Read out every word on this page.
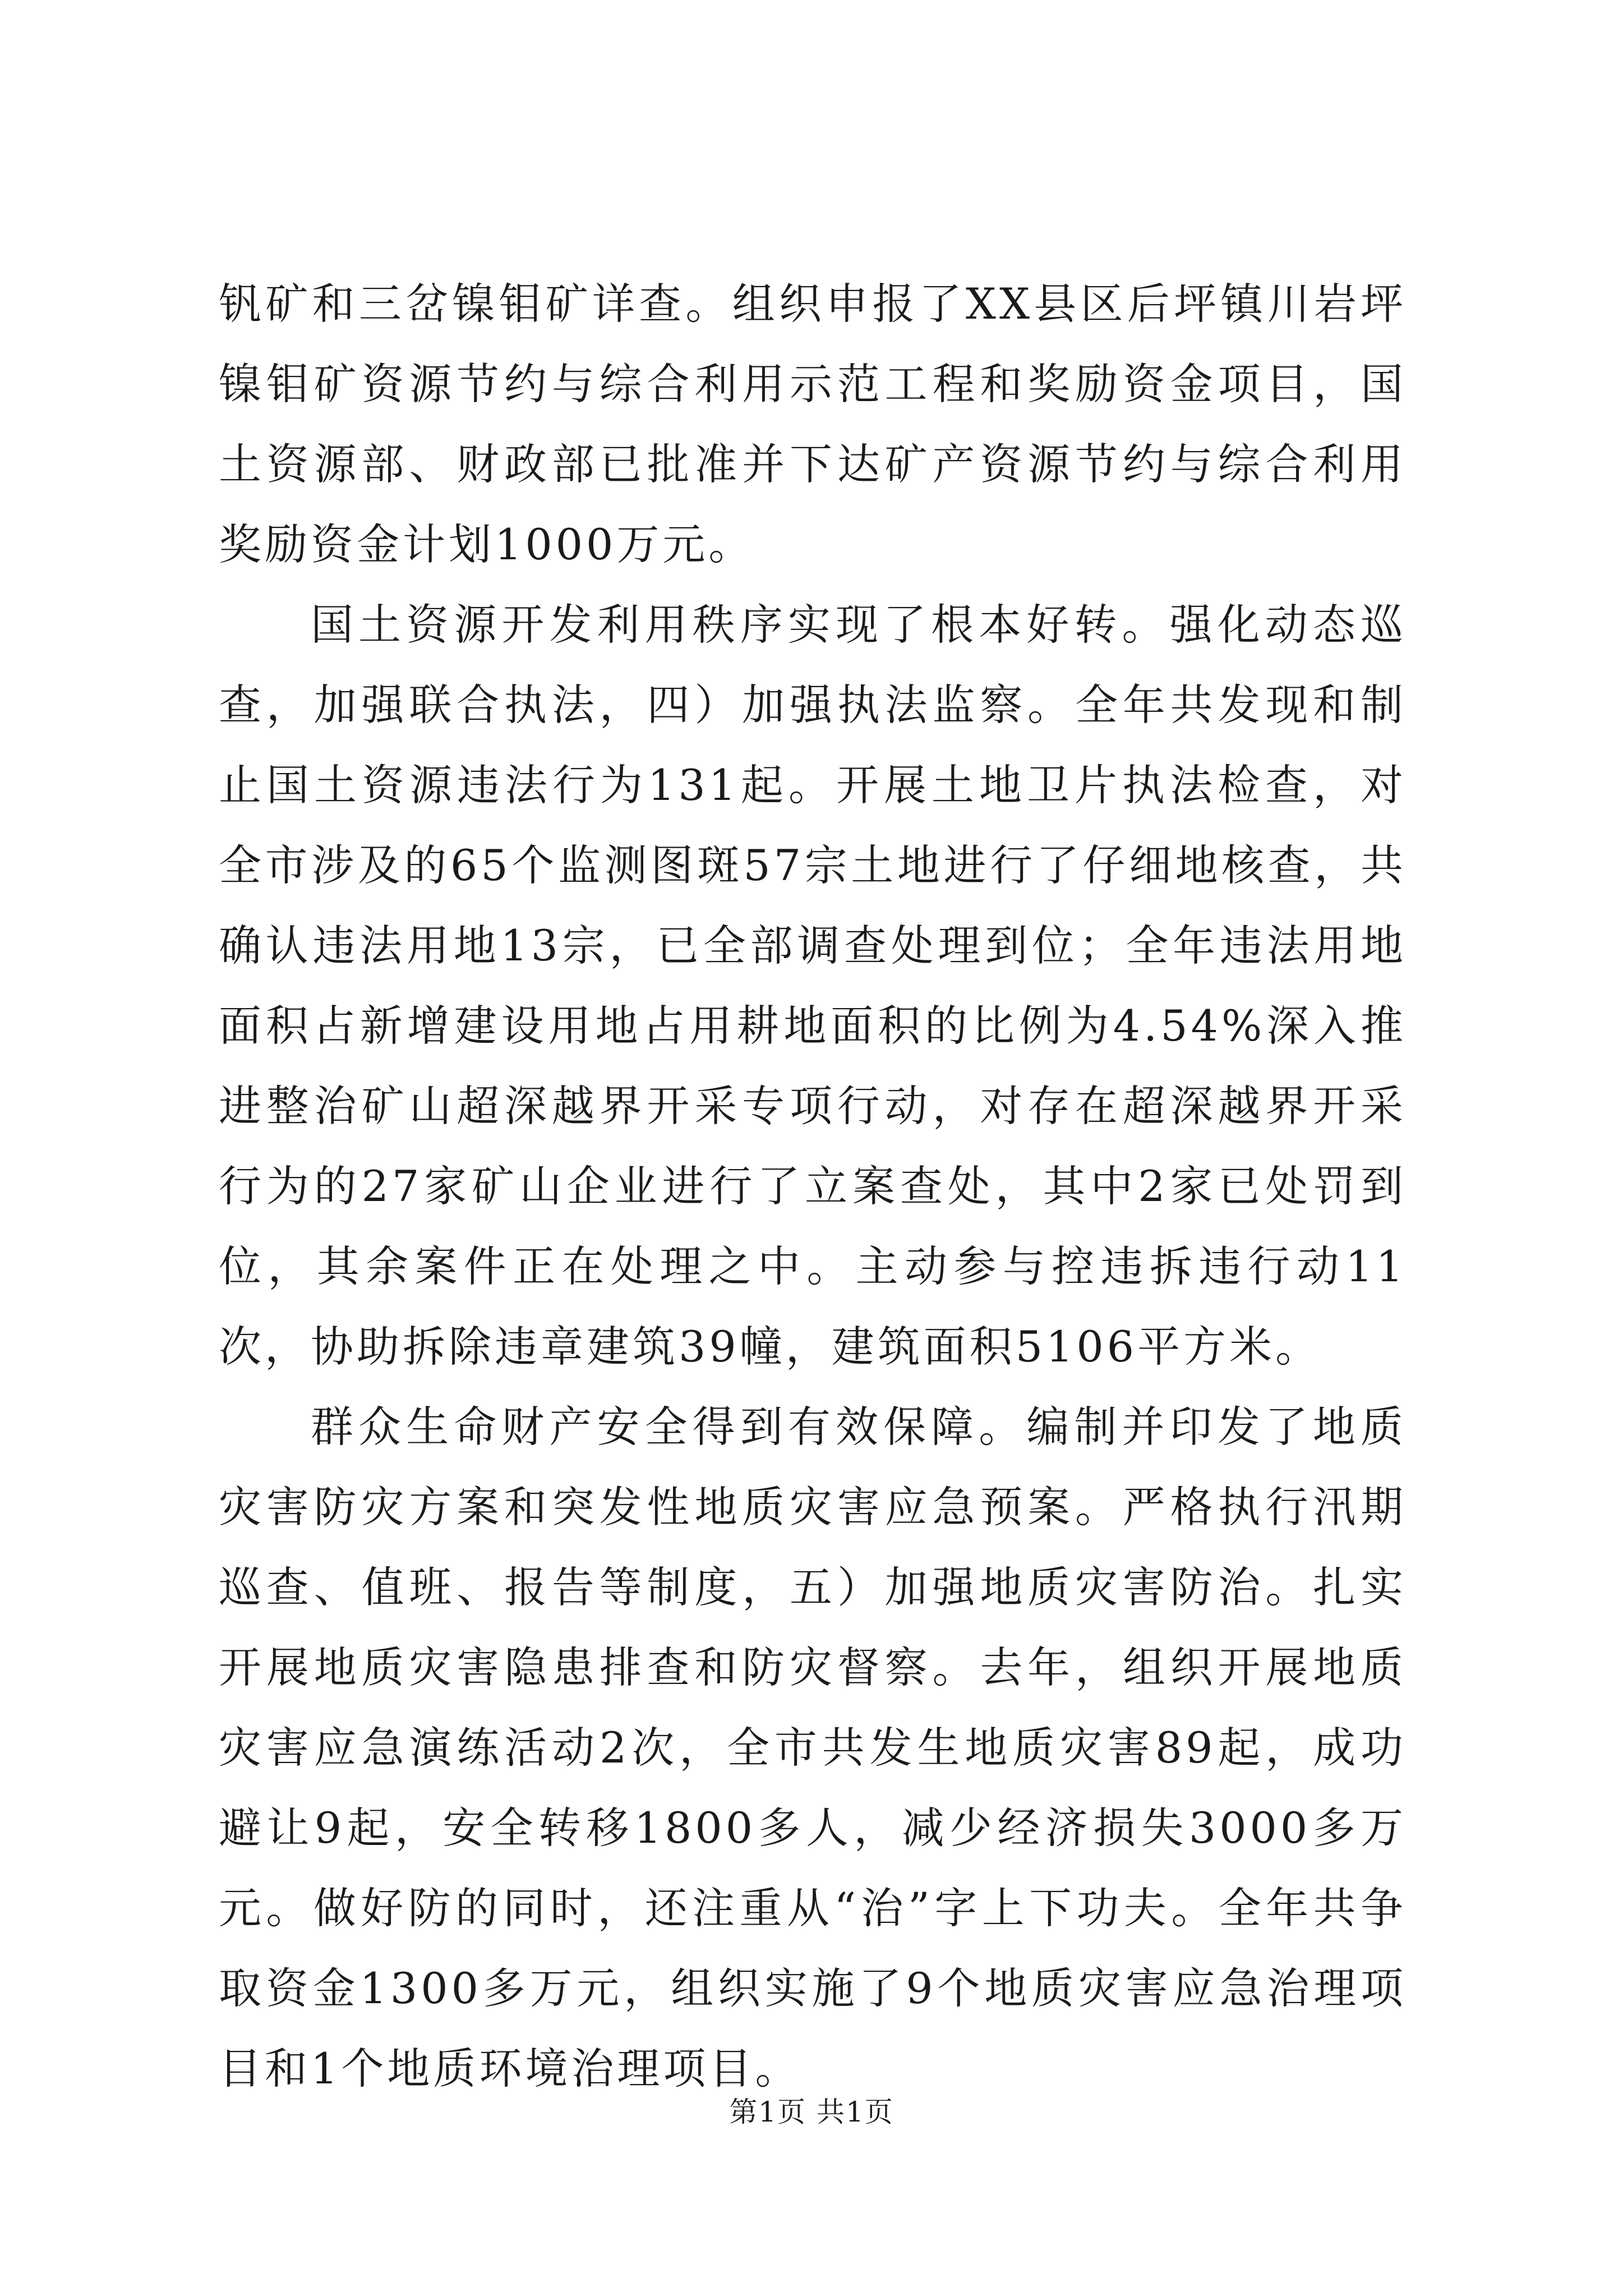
钒矿和三岔镍钼矿详查。组织申报了XX县区后坪镇川岩坪镍钼矿资源节约与综合利用示范工程和奖励资金项目，国土资源部、财政部已批准并下达矿产资源节约与综合利用奖励资金计划1000万元。

国土资源开发利用秩序实现了根本好转。强化动态巡查，加强联合执法，四）加强执法监察。全年共发现和制止国土资源违法行为131起。开展土地卫片执法检查，对全市涉及的65个监测图斑57宗土地进行了仔细地核查，共确认违法用地13宗，已全部调查处理到位；全年违法用地面积占新增建设用地占用耕地面积的比例为4.54%深入推进整治矿山超深越界开采专项行动，对存在超深越界开采行为的27家矿山企业进行了立案查处，其中2家已处罚到位，其余案件正在处理之中。主动参与控违拆违行动11次，协助拆除违章建筑39幢，建筑面积5106平方米。

群众生命财产安全得到有效保障。编制并印发了地质灾害防灾方案和突发性地质灾害应急预案。严格执行汛期巡查、值班、报告等制度，五）加强地质灾害防治。扎实开展地质灾害隐患排查和防灾督察。去年，组织开展地质灾害应急演练活动2次，全市共发生地质灾害89起，成功避让9起，安全转移1800多人，减少经济损失3000多万元。做好防的同时，还注重从“治”字上下功夫。全年共争取资金1300多万元，组织实施了9个地质灾害应急治理项目和1个地质环境治理项目。

第1页 共1页
